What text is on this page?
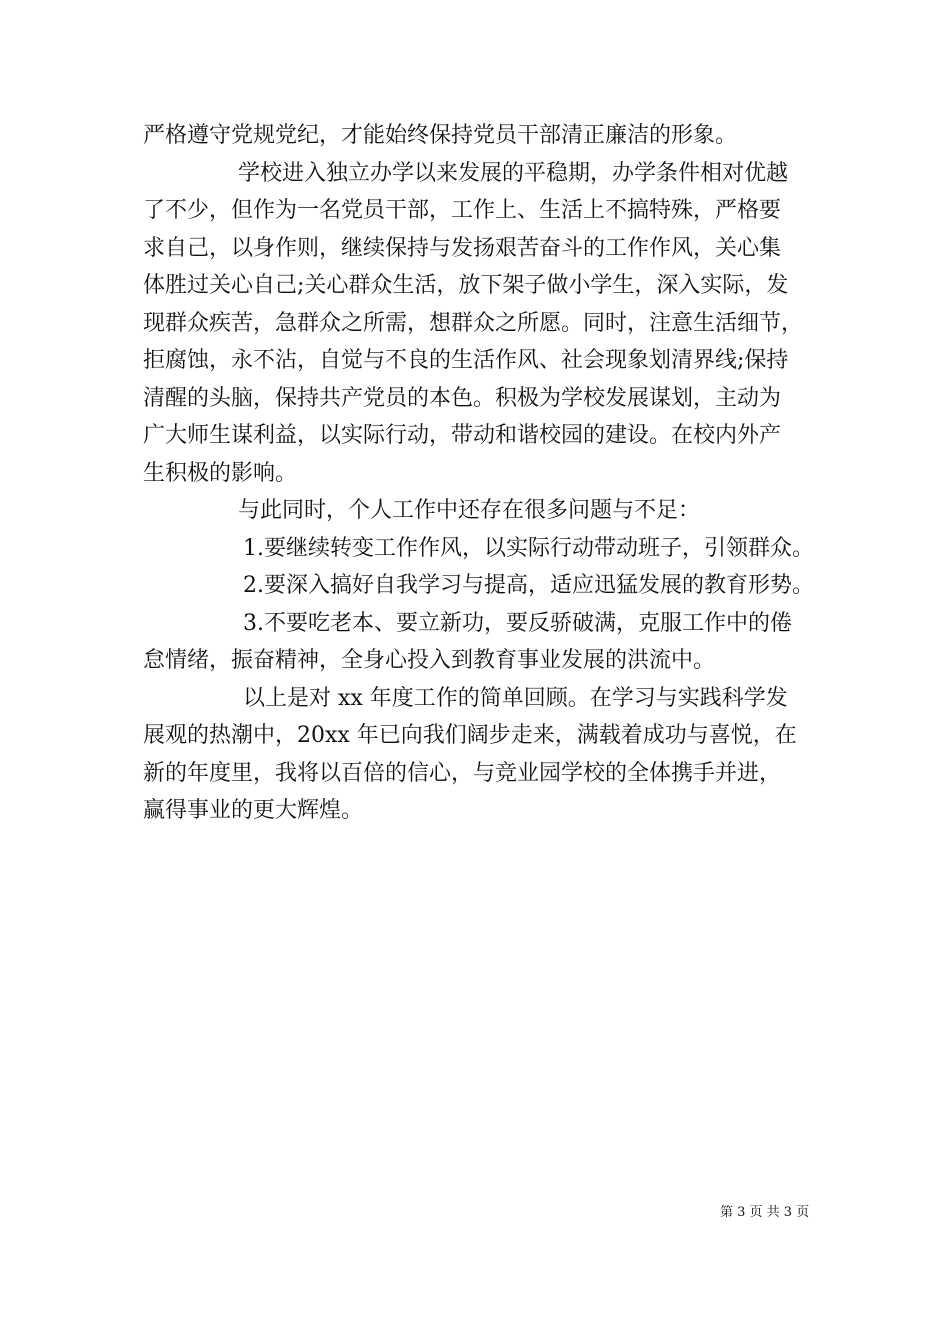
严格遵守党规党纪，才能始终保持党员干部清正廉洁的形象。
学校进入独立办学以来发展的平稳期，办学条件相对优越
了不少，但作为一名党员干部，工作上、生活上不搞特殊，严格要
求自己，以身作则，继续保持与发扬艰苦奋斗的工作作风，关心集
体胜过关心自己;关心群众生活，放下架子做小学生，深入实际，发
现群众疾苦，急群众之所需，想群众之所愿。同时，注意生活细节，
拒腐蚀，永不沾，自觉与不良的生活作风、社会现象划清界线;保持
清醒的头脑，保持共产党员的本色。积极为学校发展谋划，主动为
广大师生谋利益，以实际行动，带动和谐校园的建设。在校内外产
生积极的影响。
与此同时，个人工作中还存在很多问题与不足：
1.要继续转变工作作风，以实际行动带动班子，引领群众。
2.要深入搞好自我学习与提高，适应迅猛发展的教育形势。
3.不要吃老本、要立新功，要反骄破满，克服工作中的倦
怠情绪，振奋精神，全身心投入到教育事业发展的洪流中。
以上是对 xx 年度工作的简单回顾。在学习与实践科学发
展观的热潮中，20xx 年已向我们阔步走来，满载着成功与喜悦，在
新的年度里，我将以百倍的信心，与竞业园学校的全体携手并进，
赢得事业的更大辉煌。
第 3 页 共 3 页
